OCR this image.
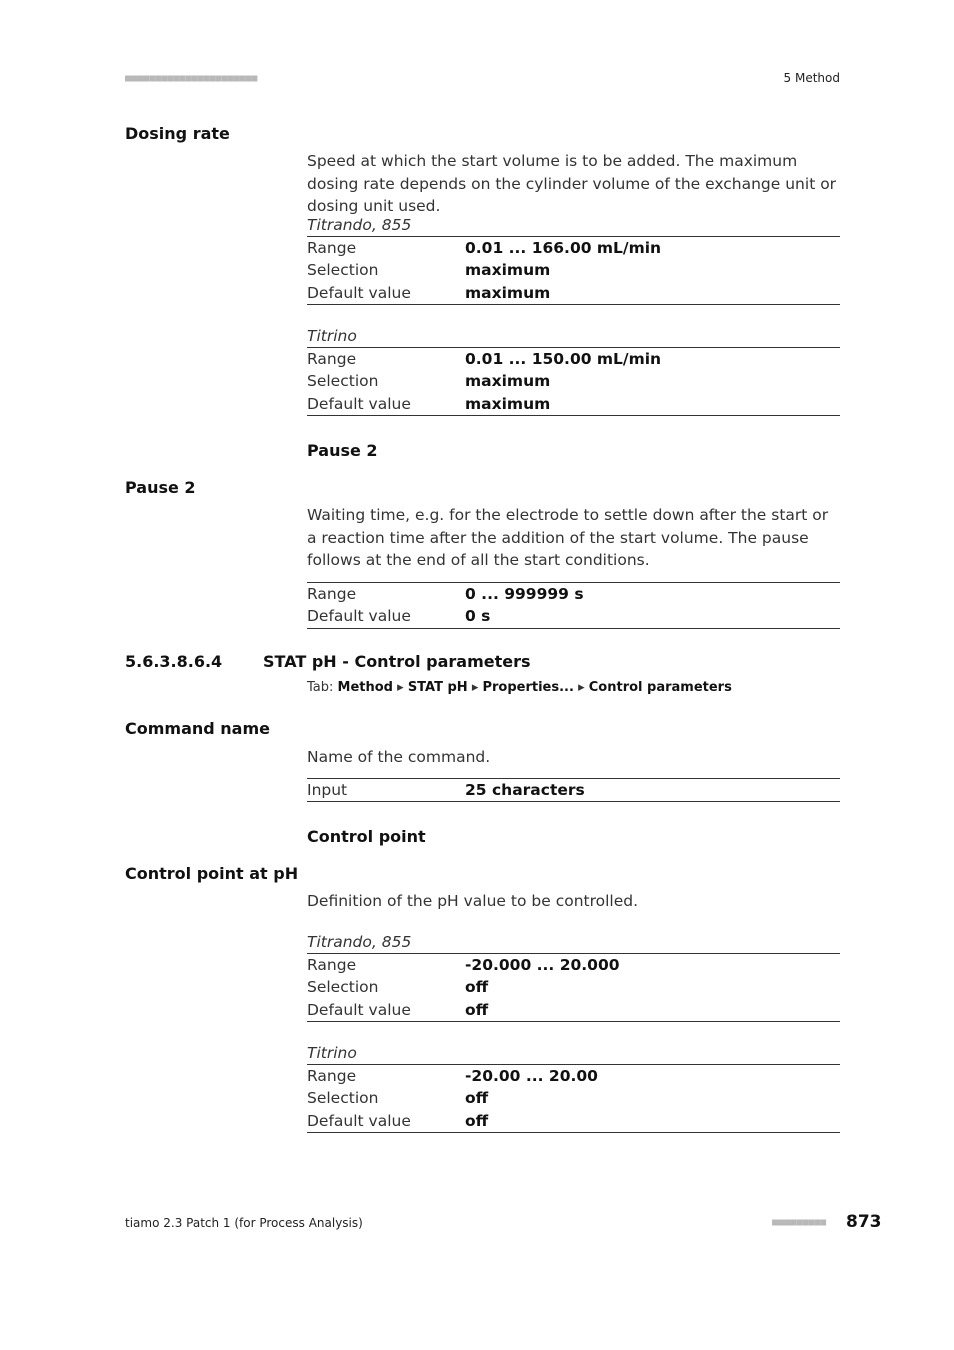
■■■■■■■■■■■■■■■■■■■■■■	5 Method
Dosing rate
Speed at which the start volume is to be added. The maximum dosing rate depends on the cylinder volume of the exchange unit or dosing unit used.
Titrando, 855
Range	0.01 ... 166.00 mL/min
Selection	maximum
Default value	maximum
Titrino
Range	0.01 ... 150.00 mL/min
Selection	maximum
Default value	maximum
Pause 2
Pause 2
Waiting time, e.g. for the electrode to settle down after the start or a reaction time after the addition of the start volume. The pause follows at the end of all the start conditions.
Range	0 ... 999999 s
Default value	0 s
5.6.3.8.6.4	STAT pH - Control parameters
Tab: Method ▸ STAT pH ▸ Properties... ▸ Control parameters
Command name
Name of the command.
Input	25 characters
Control point
Control point at pH
Definition of the pH value to be controlled.
Titrando, 855
Range	-20.000 ... 20.000
Selection	off
Default value	off
Titrino
Range	-20.00 ... 20.00
Selection	off
Default value	off
tiamo 2.3 Patch 1 (for Process Analysis)	■■■■■■■■■ 873
